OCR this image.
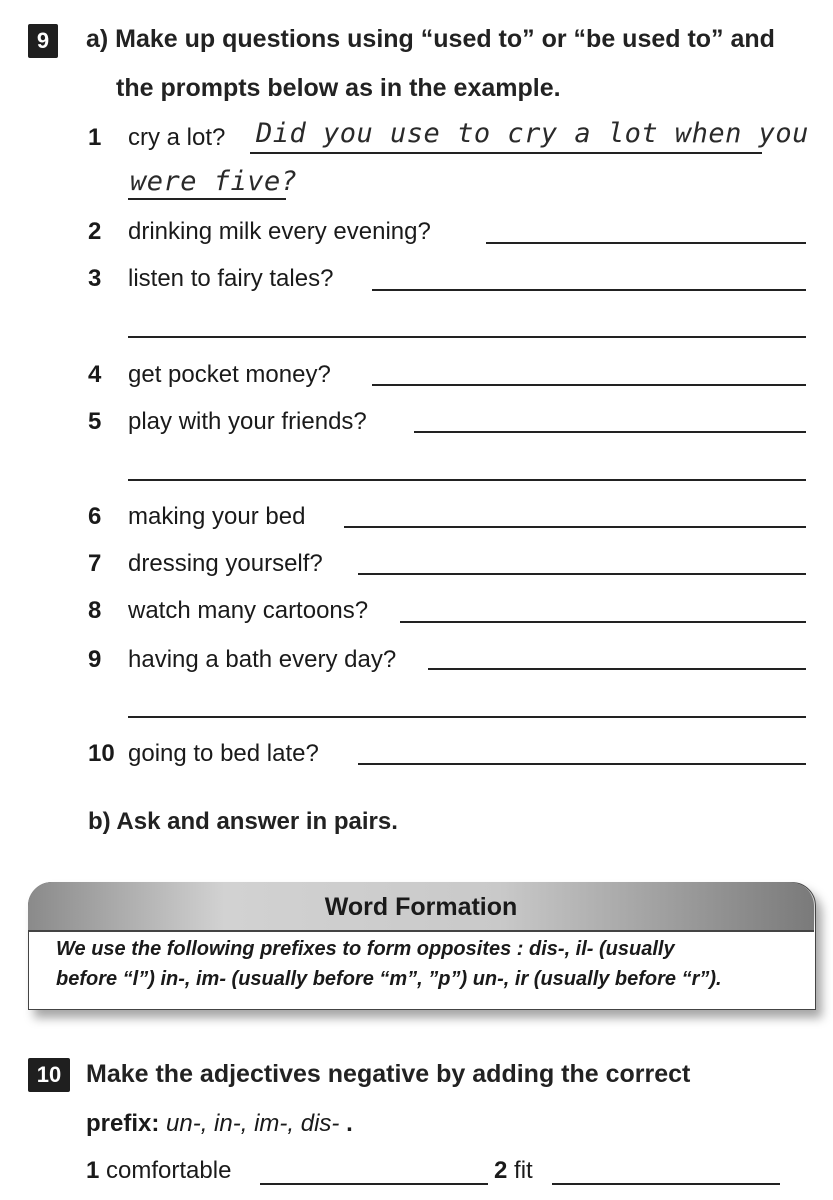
9 a) Make up questions using “used to” or “be used to” and
the prompts below as in the example.
1 cry a lot? Did you use to cry a lot when you
were five?
2 drinking milk every evening?
3 listen to fairy tales?
4 get pocket money?
5 play with your friends?
6 making your bed
7 dressing yourself?
8 watch many cartoons?
9 having a bath every day?
10 going to bed late?
b) Ask and answer in pairs.
Word Formation
We use the following prefixes to form opposites : dis-, il- (usually
before “l”) in-, im- (usually before “m”, ”p”) un-, ir (usually before “r”).
10 Make the adjectives negative by adding the correct
prefix: un-, in-, im-, dis- .
1 comfortable	2 fit
